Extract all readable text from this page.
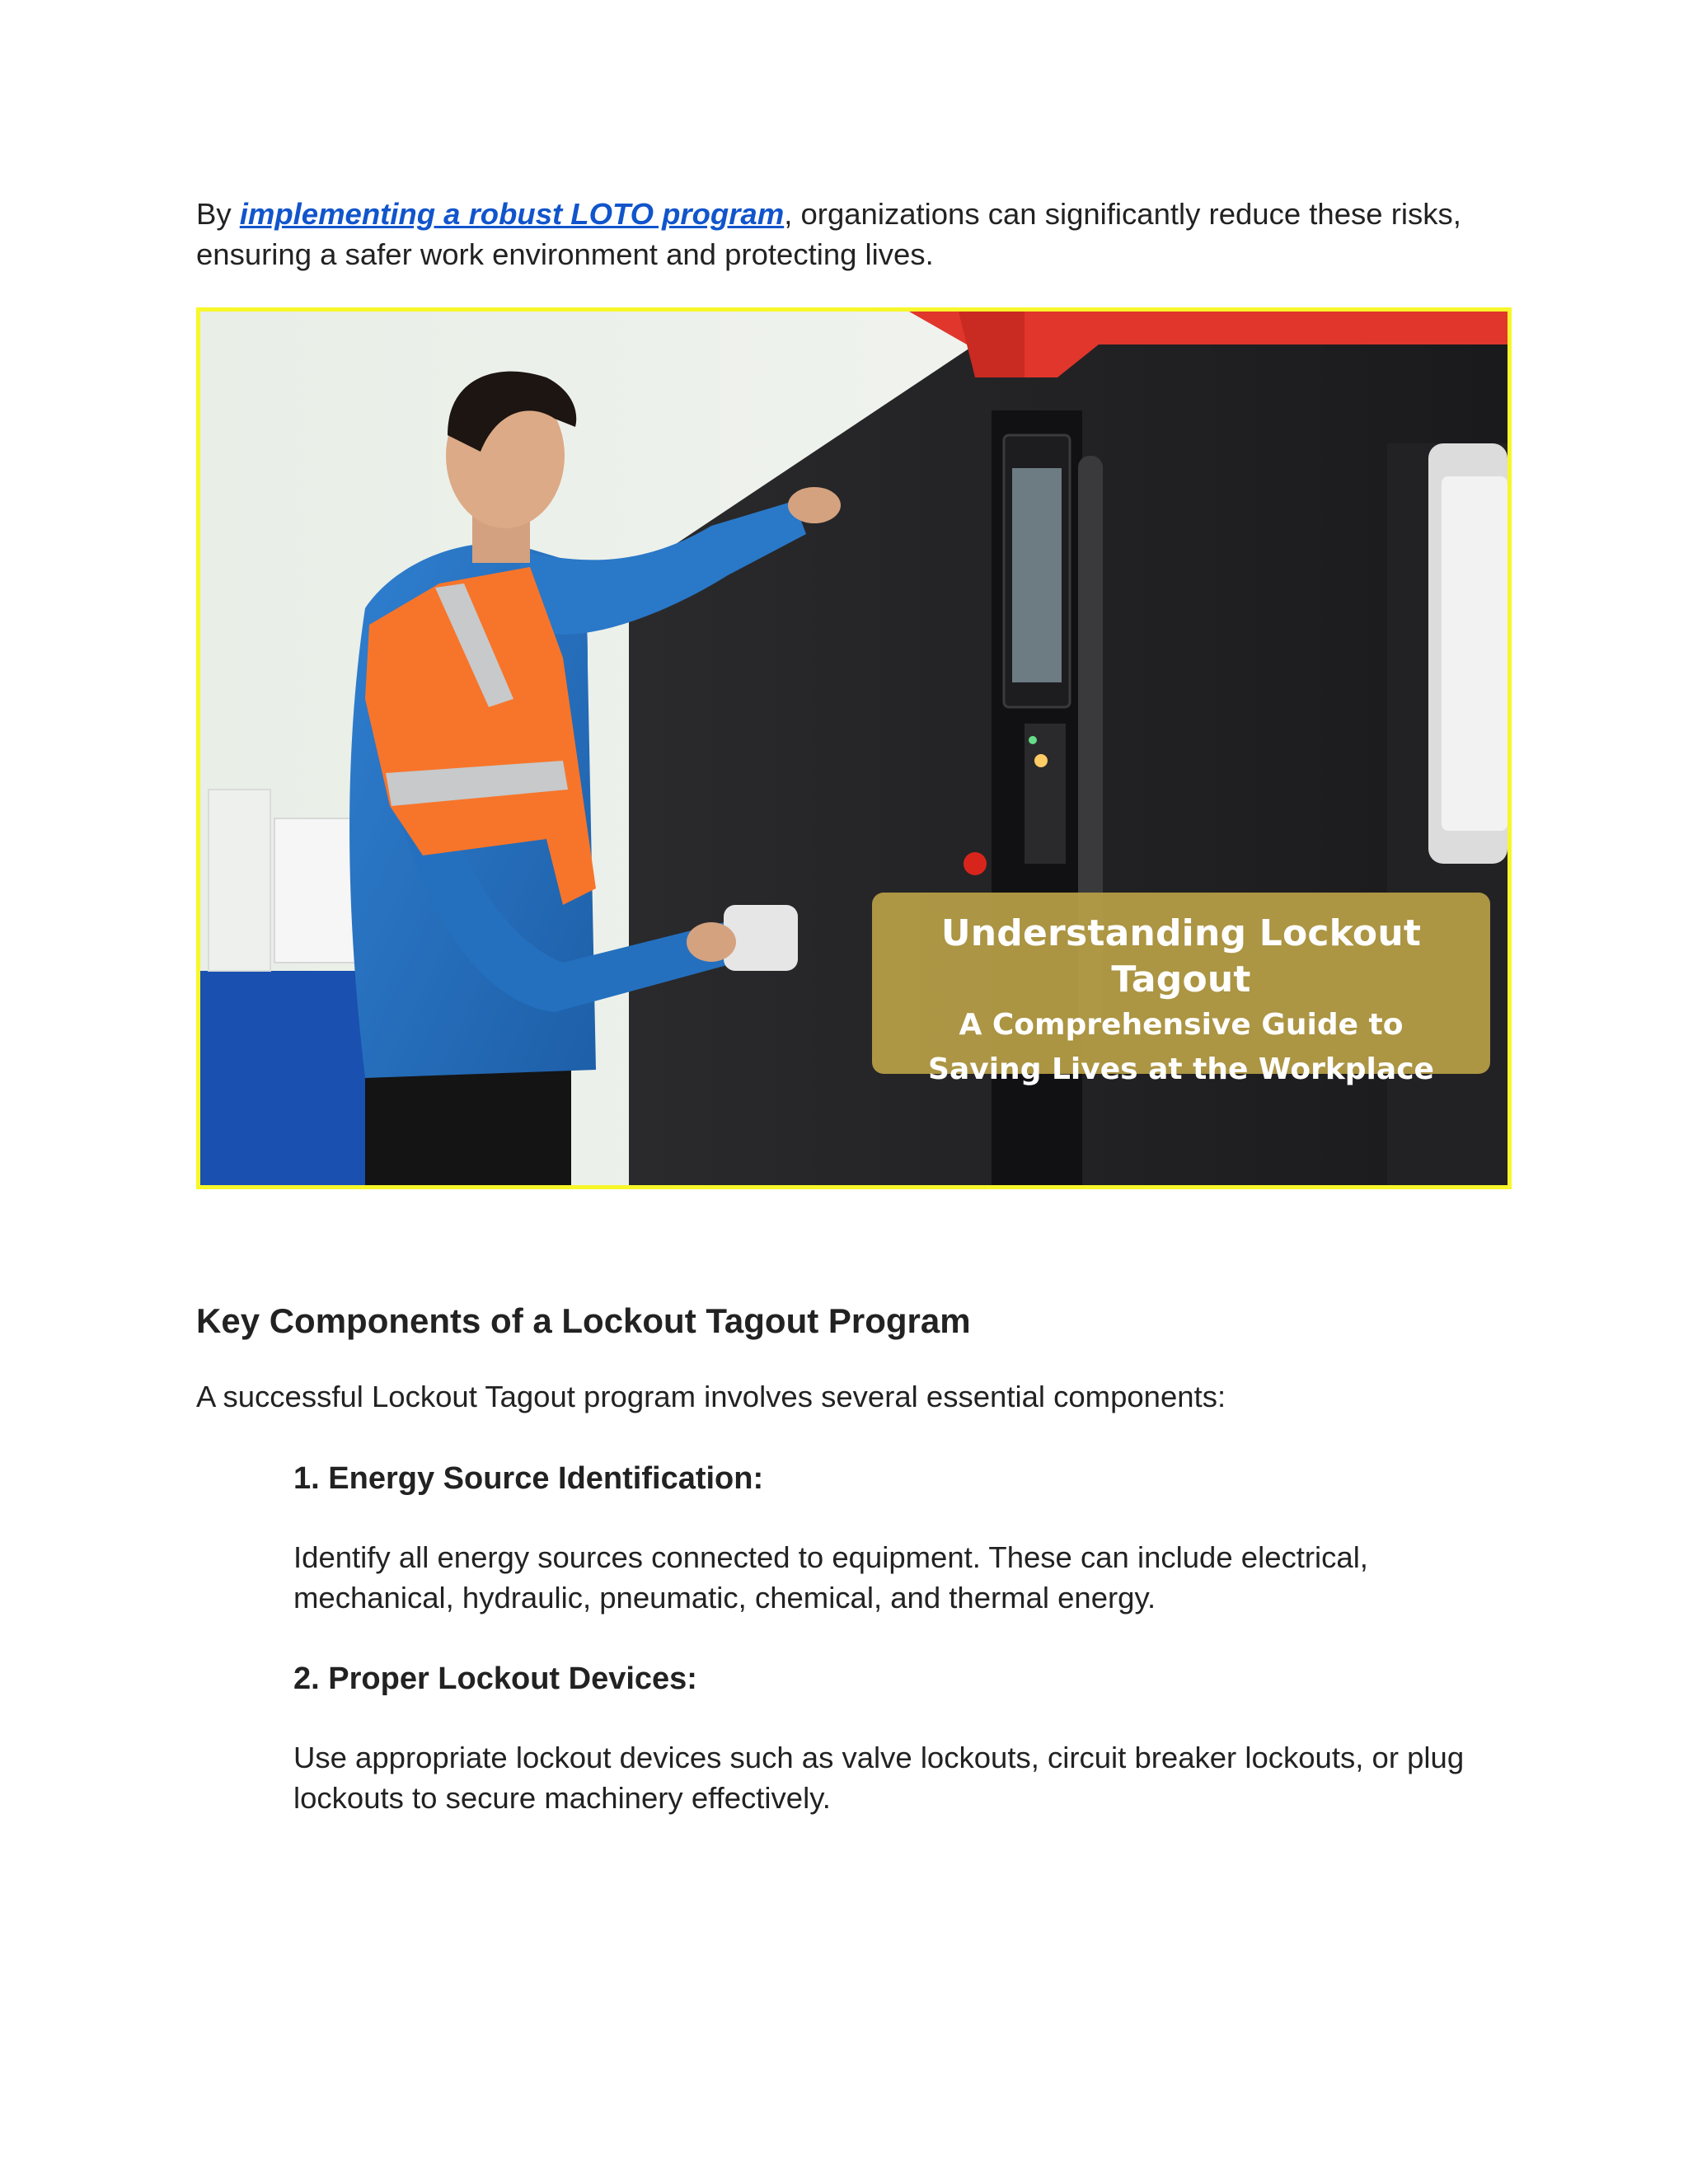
By implementing a robust LOTO program, organizations can significantly reduce these risks, ensuring a safer work environment and protecting lives.

Understanding Lockout Tagout
A Comprehensive Guide to
Saving Lives at the Workplace
Key Components of a Lockout Tagout Program

A successful Lockout Tagout program involves several essential components:

1. Energy Source Identification:

Identify all energy sources connected to equipment. These can include electrical, mechanical, hydraulic, pneumatic, chemical, and thermal energy.

2. Proper Lockout Devices:

Use appropriate lockout devices such as valve lockouts, circuit breaker lockouts, or plug lockouts to secure machinery effectively.
